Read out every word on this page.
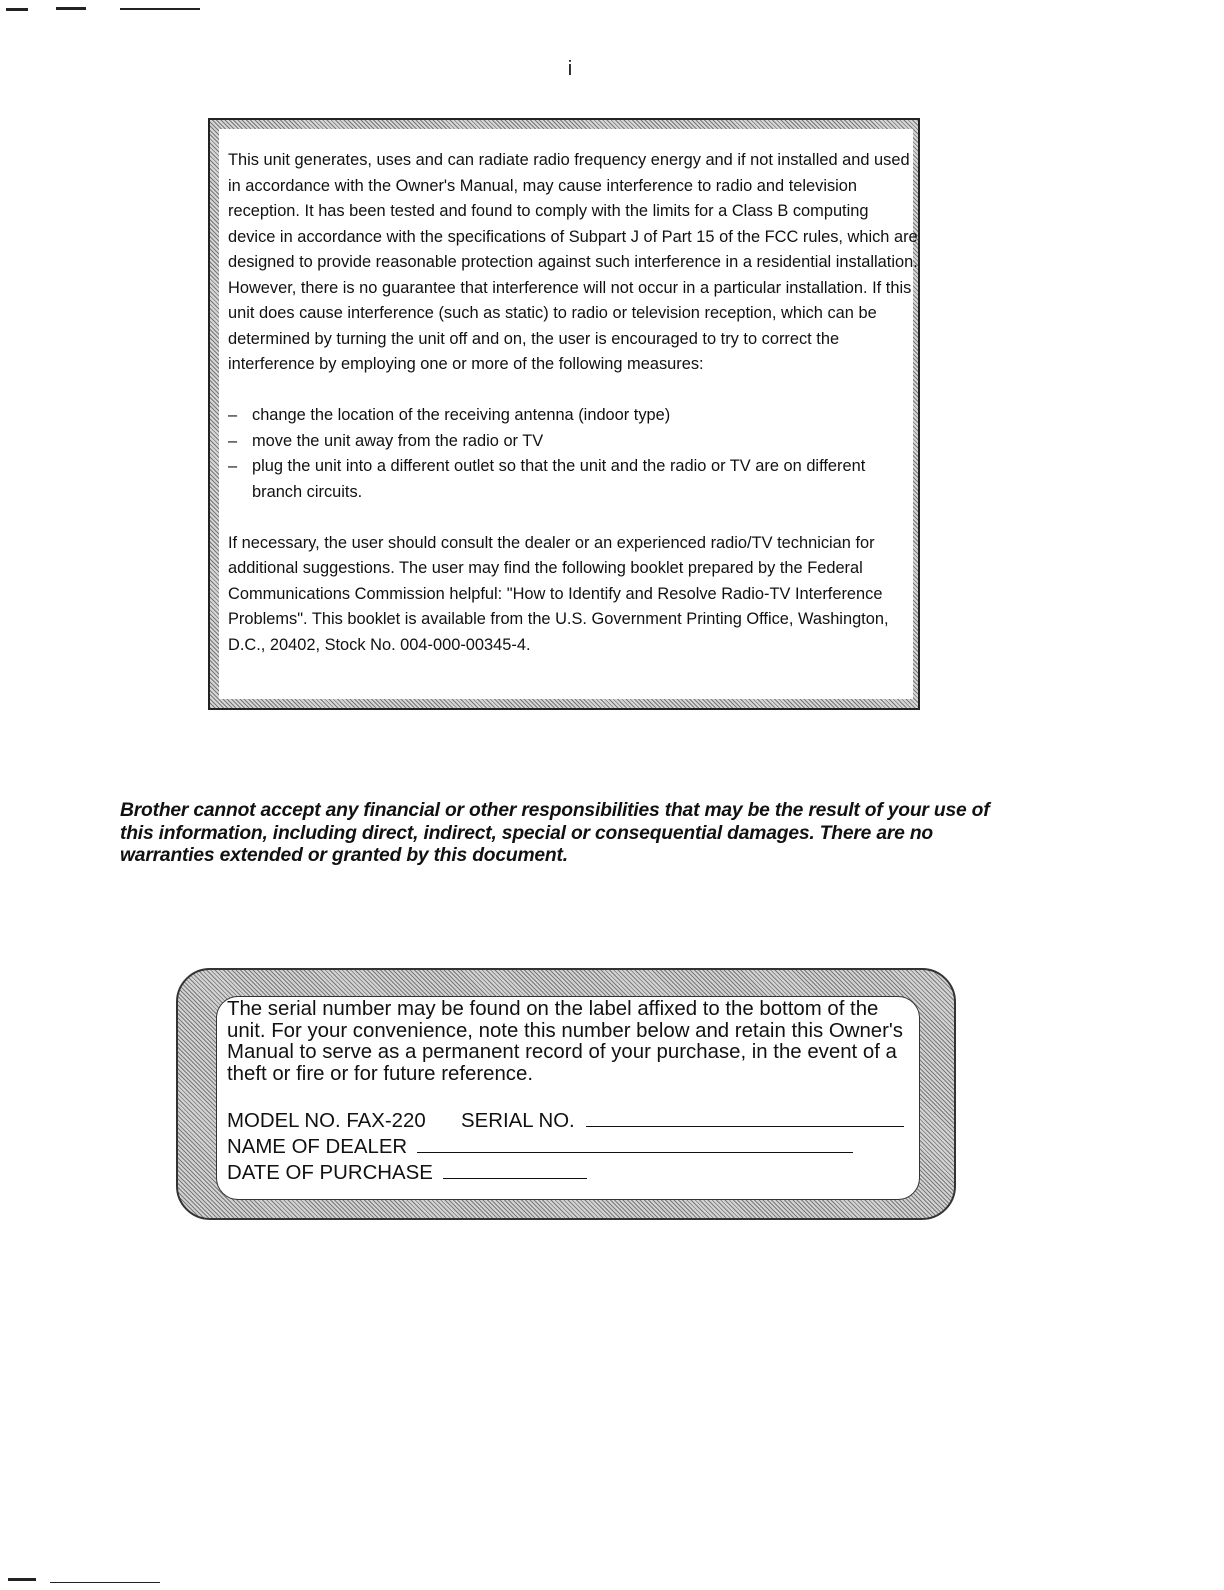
i

This unit generates, uses and can radiate radio frequency energy and if not installed and used in accordance with the Owner's Manual, may cause interference to radio and television reception. It has been tested and found to comply with the limits for a Class B computing device in accordance with the specifications of Subpart J of Part 15 of the FCC rules, which are designed to provide reasonable protection against such interference in a residential installation. However, there is no guarantee that interference will not occur in a particular installation. If this unit does cause interference (such as static) to radio or television reception, which can be determined by turning the unit off and on, the user is encouraged to try to correct the interference by employing one or more of the following measures:

– change the location of the receiving antenna (indoor type)
– move the unit away from the radio or TV
– plug the unit into a different outlet so that the unit and the radio or TV are on different branch circuits.

If necessary, the user should consult the dealer or an experienced radio/TV technician for additional suggestions. The user may find the following booklet prepared by the Federal Communications Commission helpful: "How to Identify and Resolve Radio-TV Interference Problems". This booklet is available from the U.S. Government Printing Office, Washington, D.C., 20402, Stock No. 004-000-00345-4.

Brother cannot accept any financial or other responsibilities that may be the result of your use of this information, including direct, indirect, special or consequential damages. There are no warranties extended or granted by this document.

The serial number may be found on the label affixed to the bottom of the unit. For your convenience, note this number below and retain this Owner's Manual to serve as a permanent record of your purchase, in the event of a theft or fire or for future reference.

MODEL NO. FAX-220 SERIAL NO.
NAME OF DEALER
DATE OF PURCHASE
